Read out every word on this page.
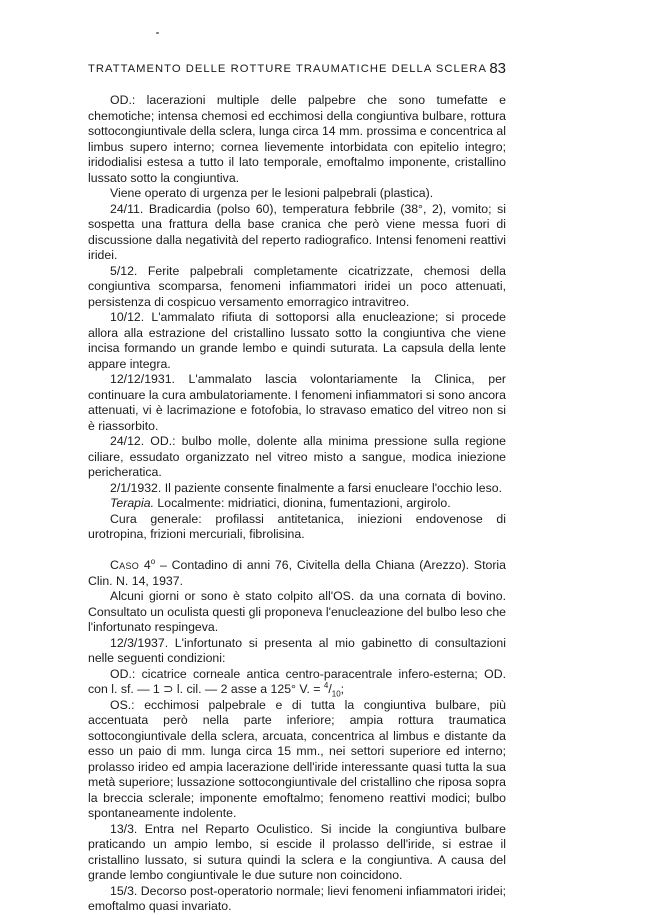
TRATTAMENTO DELLE ROTTURE TRAUMATICHE DELLA SCLERA 83

OD.: lacerazioni multiple delle palpebre che sono tumefatte e chemotiche; intensa chemosi ed ecchimosi della congiuntiva bulbare, rottura sottocongiuntivale della sclera, lunga circa 14 mm. prossima e concentrica al limbus supero interno; cornea lievemente intorbidata con epitelio integro; iridodialisi estesa a tutto il lato temporale, emoftalmo imponente, cristallino lussato sotto la congiuntiva.

Viene operato di urgenza per le lesioni palpebrali (plastica).

24/11. Bradicardia (polso 60), temperatura febbrile (38°, 2), vomito; si sospetta una frattura della base cranica che però viene messa fuori di discussione dalla negatività del reperto radiografico. Intensi fenomeni reattivi iridei.

5/12. Ferite palpebrali completamente cicatrizzate, chemosi della congiuntiva scomparsa, fenomeni infiammatori iridei un poco attenuati, persistenza di cospicuo versamento emorragico intravitreo.

10/12. L'ammalato rifiuta di sottoporsi alla enucleazione; si procede allora alla estrazione del cristallino lussato sotto la congiuntiva che viene incisa formando un grande lembo e quindi suturata. La capsula della lente appare integra.

12/12/1931. L'ammalato lascia volontariamente la Clinica, per continuare la cura ambulatoriamente. I fenomeni infiammatori si sono ancora attenuati, vi è lacrimazione e fotofobia, lo stravaso ematico del vitreo non si è riassorbito.

24/12. OD.: bulbo molle, dolente alla minima pressione sulla regione ciliare, essudato organizzato nel vitreo misto a sangue, modica iniezione pericheratica.

2/1/1932. Il paziente consente finalmente a farsi enucleare l'occhio leso.

Terapia. Localmente: midriatici, dionina, fumentazioni, argirolo.

Cura generale: profilassi antitetanica, iniezioni endovenose di urotropina, frizioni mercuriali, fibrolisina.

Caso 4$^o$ – Contadino di anni 76, Civitella della Chiana (Arezzo). Storia Clin. N. 14, 1937.

Alcuni giorni or sono è stato colpito all'OS. da una cornata di bovino. Consultato un oculista questi gli proponeva l'enucleazione del bulbo leso che l'infortunato respingeva.

12/3/1937. L'infortunato si presenta al mio gabinetto di consultazioni nelle seguenti condizioni:

OD.: cicatrice corneale antica centro-paracentrale infero-esterna; OD. con l. sf. — 1 ⊃ l. cil. — 2 asse a 125° V. = $^4/_{10}$;

OS.: ecchimosi palpebrale e di tutta la congiuntiva bulbare, più accentuata però nella parte inferiore; ampia rottura traumatica sottocongiuntivale della sclera, arcuata, concentrica al limbus e distante da esso un paio di mm. lunga circa 15 mm., nei settori superiore ed interno; prolasso irideo ed ampia lacerazione dell'iride interessante quasi tutta la sua metà superiore; lussazione sottocongiuntivale del cristallino che riposa sopra la breccia sclerale; imponente emoftalmo; fenomeno reattivi modici; bulbo spontaneamente indolente.

13/3. Entra nel Reparto Oculistico. Si incide la congiuntiva bulbare praticando un ampio lembo, si escide il prolasso dell'iride, si estrae il cristallino lussato, si sutura quindi la sclera e la congiuntiva. A causa del grande lembo congiuntivale le due suture non coincidono.

15/3. Decorso post-operatorio normale; lievi fenomeni infiammatori iridei; emoftalmo quasi invariato.
